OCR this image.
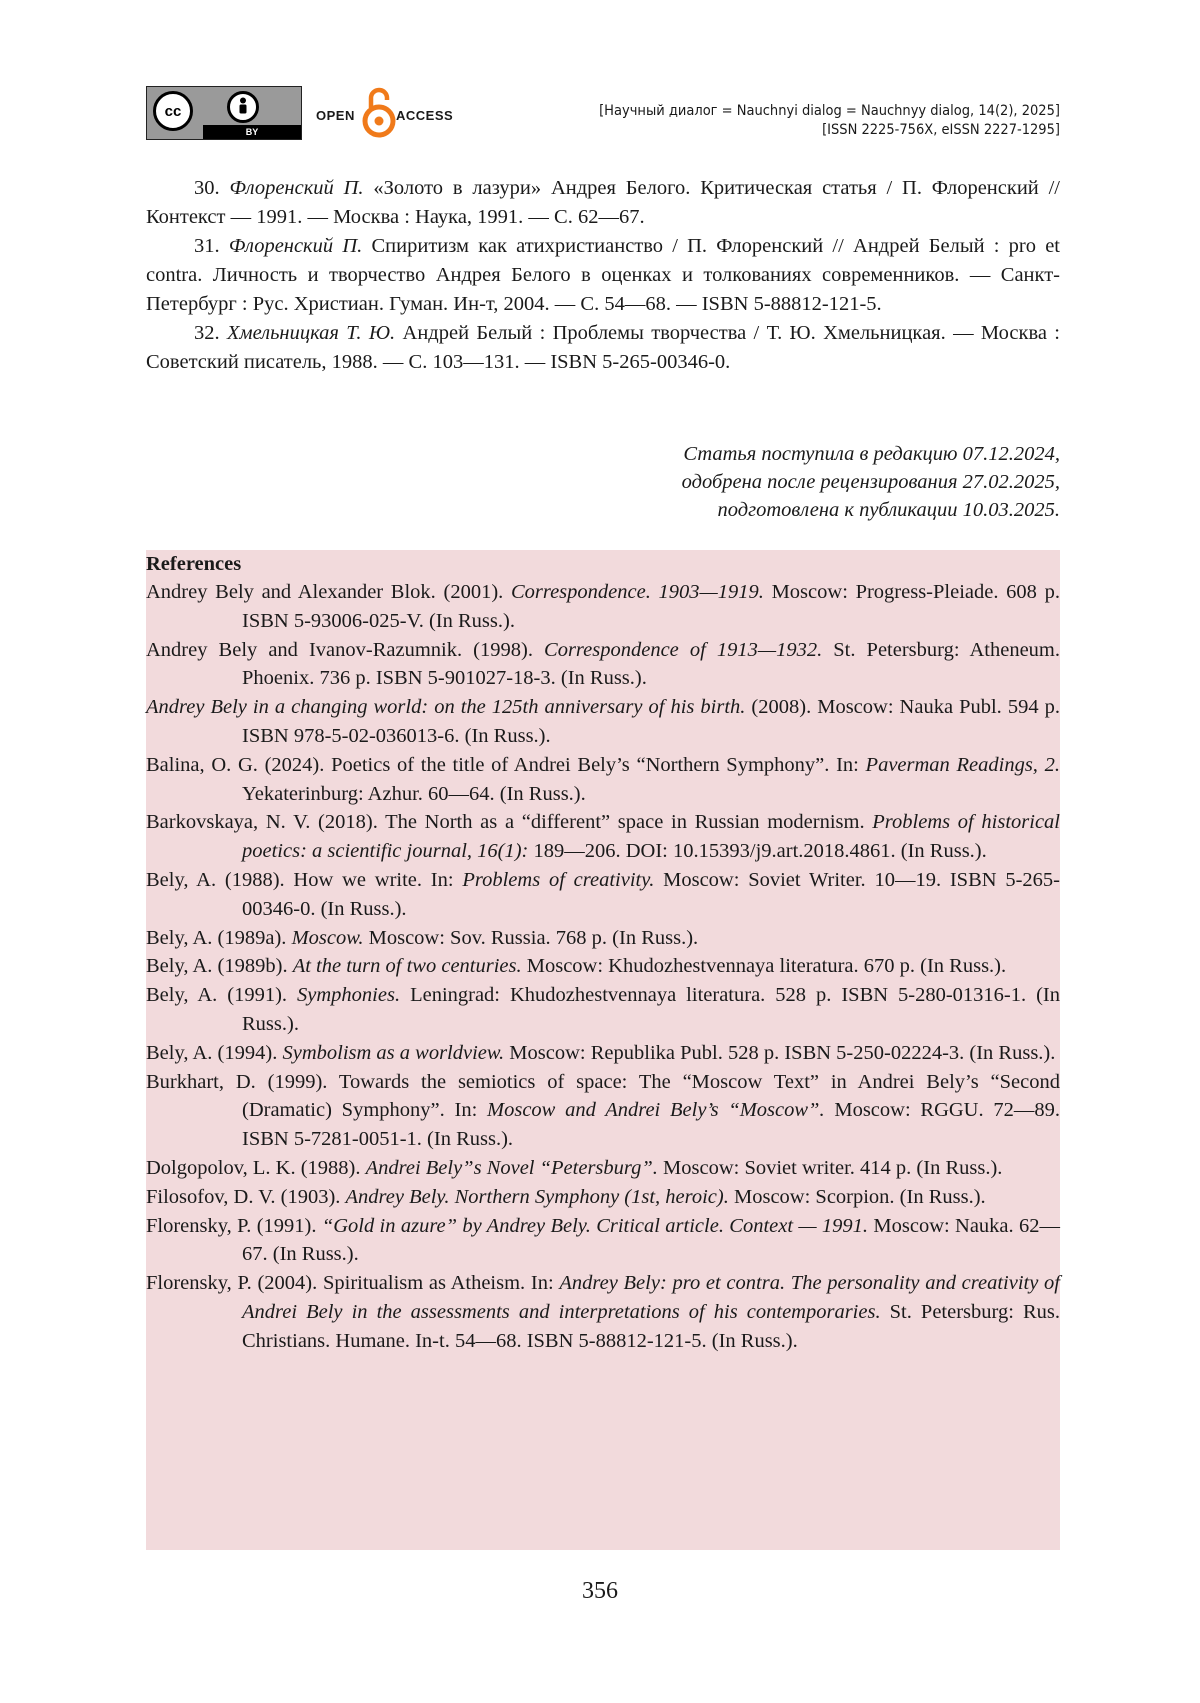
cc
BY
OPEN	ACCESS	[Научный диалог = Nauchnyi dialog = Nauchnyy dialog, 14(2), 2025]
[ISSN 2225-756X, eISSN 2227-1295]

30. Флоренский П. «Золото в лазури» Андрея Белого. Критическая статья / П. Флоренский // Контекст — 1991. — Москва : Наука, 1991. — С. 62—67.

31. Флоренский П. Спиритизм как атихристианство / П. Флоренский // Андрей Белый : pro et contra. Личность и творчество Андрея Белого в оценках и толкованиях современников. — Санкт-Петербург : Рус. Христиан. Гуман. Ин-т, 2004. — С. 54—68. — ISBN 5-88812-121-5.

32. Хмельницкая Т. Ю. Андрей Белый : Проблемы творчества / Т. Ю. Хмельницкая. — Москва : Советский писатель, 1988. — С. 103—131. — ISBN 5-265-00346-0.

Статья поступила в редакцию 07.12.2024,
одобрена после рецензирования 27.02.2025,
подготовлена к публикации 10.03.2025.

References

Andrey Bely and Alexander Blok. (2001). Correspondence. 1903—1919. Moscow: Progress-Pleiade. 608 p. ISBN 5-93006-025-V. (In Russ.).
Andrey Bely and Ivanov-Razumnik. (1998). Correspondence of 1913—1932. St. Petersburg: Atheneum. Phoenix. 736 p. ISBN 5-901027-18-3. (In Russ.).
Andrey Bely in a changing world: on the 125th anniversary of his birth. (2008). Moscow: Nauka Publ. 594 p. ISBN 978-5-02-036013-6. (In Russ.).
Balina, O. G. (2024). Poetics of the title of Andrei Bely’s “Northern Symphony”. In: Paverman Readings, 2. Yekaterinburg: Azhur. 60—64. (In Russ.).
Barkovskaya, N. V. (2018). The North as a “different” space in Russian modernism. Problems of historical poetics: a scientific journal, 16(1): 189—206. DOI: 10.15393/j9.art.2018.4861. (In Russ.).
Bely, A. (1988). How we write. In: Problems of creativity. Moscow: Soviet Writer. 10—19. ISBN 5-265-00346-0. (In Russ.).
Bely, A. (1989a). Moscow. Moscow: Sov. Russia. 768 p. (In Russ.).
Bely, A. (1989b). At the turn of two centuries. Moscow: Khudozhestvennaya literatura. 670 p. (In Russ.).
Bely, A. (1991). Symphonies. Leningrad: Khudozhestvennaya literatura. 528 p. ISBN 5-280-01316-1. (In Russ.).
Bely, A. (1994). Symbolism as a worldview. Moscow: Republika Publ. 528 p. ISBN 5-250-02224-3. (In Russ.).
Burkhart, D. (1999). Towards the semiotics of space: The “Moscow Text” in Andrei Bely’s “Second (Dramatic) Symphony”. In: Moscow and Andrei Bely’s “Moscow”. Moscow: RGGU. 72—89. ISBN 5-7281-0051-1. (In Russ.).
Dolgopolov, L. K. (1988). Andrei Bely”s Novel “Petersburg”. Moscow: Soviet writer. 414 p. (In Russ.).
Filosofov, D. V. (1903). Andrey Bely. Northern Symphony (1st, heroic). Moscow: Scorpion. (In Russ.).
Florensky, P. (1991). “Gold in azure” by Andrey Bely. Critical article. Context — 1991. Moscow: Nauka. 62—67. (In Russ.).
Florensky, P. (2004). Spiritualism as Atheism. In: Andrey Bely: pro et contra. The personality and creativity of Andrei Bely in the assessments and interpretations of his contemporaries. St. Petersburg: Rus. Christians. Humane. In-t. 54—68. ISBN 5-88812-121-5. (In Russ.).
356
